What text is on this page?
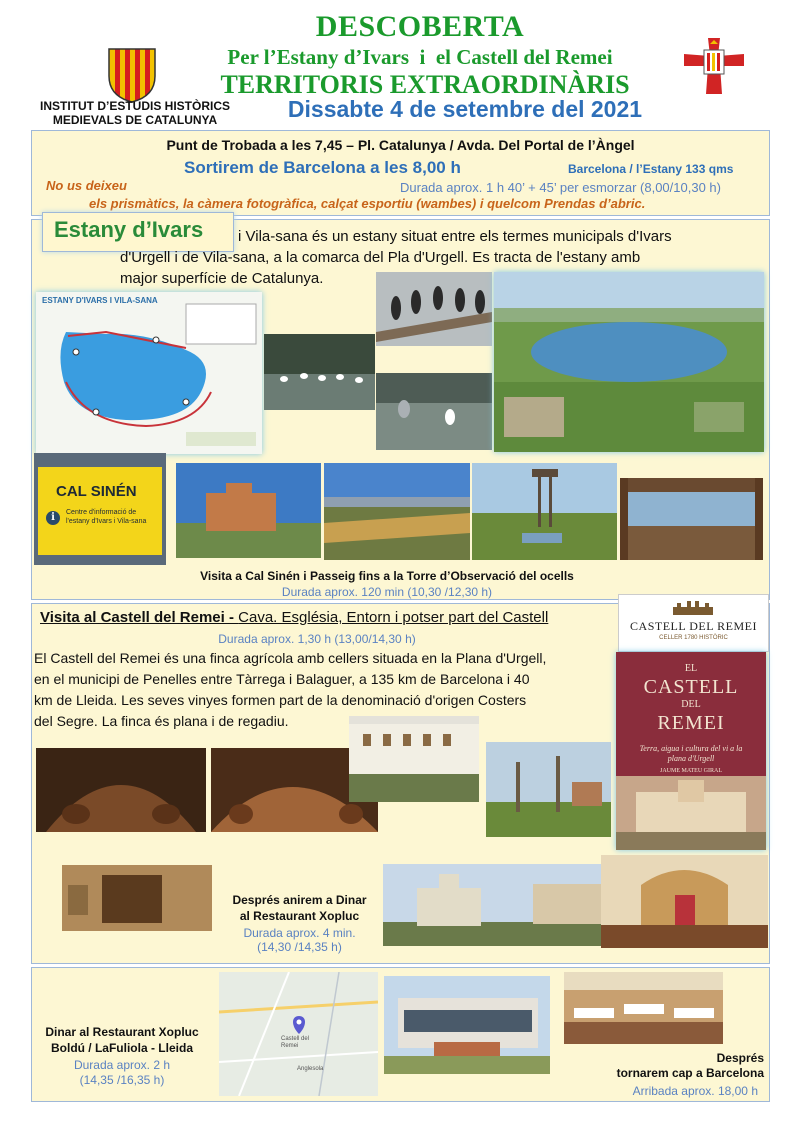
INSTITUT D’ESTUDIS HISTÒRICS

MEDIEVALS DE CATALUNYA

DESCOBERTA
Per l’Estany d’Ivars  i  el Castell del Remei
TERRITORIS EXTRAORDINÀRIS
Dissabte 4 de setembre del 2021
Punt de Trobada a les 7,45 – Pl. Catalunya / Avda. Del Portal de l’Àngel
Sortirem de Barcelona a les 8,00 h	Barcelona / l’Estany 133 qms
No us deixeu	Durada aprox. 1 h 40’ + 45’ per esmorzar (8,00/10,30 h)
els prismàtics, la càmera fotogràfica, calçat esportiu (wambes) i quelcom Prendas d’abric.
Estany d’Ivars	i Vila-sana és un estany situat entre els termes municipals d'Ivars

d'Urgell i de Vila-sana, a la comarca del Pla d'Urgell. Es tracta de l'estany amb

major superfície de Catalunya.

ESTANY D'IVARS I VILA-SANA
CAL SINÉN
i	Centre d'informació de

l'estany d'Ivars i Vila-sana

Visita a Cal Sinén i Passeig fins a la Torre d’Observació del ocells
Durada aprox. 120 min (10,30 /12,30 h)
Visita al Castell del Remei - Cava. Església, Entorn i potser part del Castell
Durada aprox. 1,30 h (13,00/14,30 h)

El Castell del Remei és una finca agrícola amb cellers situada en la Plana d'Urgell,

en el municipi de Penelles entre Tàrrega i Balaguer, a 135 km de Barcelona i 40

km de Lleida. Les seves vinyes formen part de la denominació d'origen Costers

del Segre. La finca és plana i de regadiu.

CASTELL DEL REMEI
CELLER 1780 HISTÒRIC

EL

CASTELL

DEL

REMEI

Terra, aigua i cultura del vi a la plana d'Urgell
JAUME MATEU GIRAL

Després anirem a Dinar

al Restaurant Xopluc

Durada aprox. 4 min.

(14,30 /14,35 h)

Dinar al Restaurant Xopluc

Boldú / LaFuliola - Lleida

Durada aprox. 2 h

(14,35 /16,35 h)

Castell del Remei
Anglesola

Després

tornarem cap a Barcelona

Arribada aprox. 18,00 h
